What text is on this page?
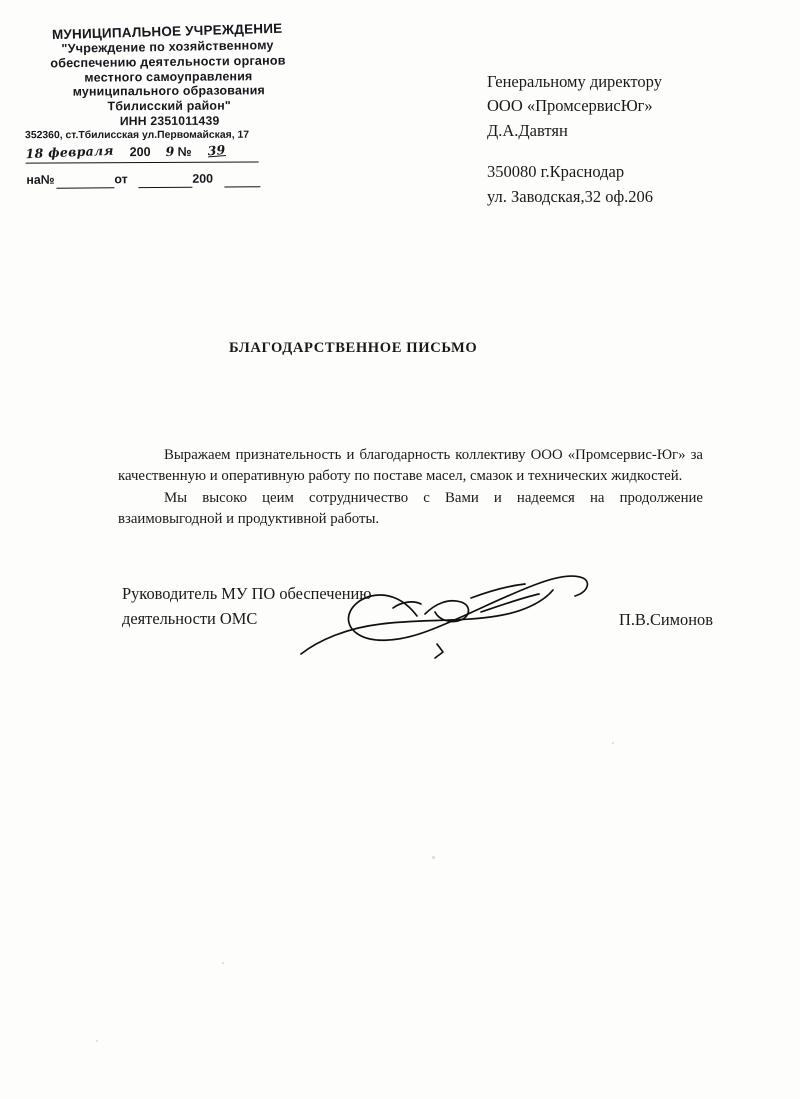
МУНИЦИПАЛЬНОЕ УЧРЕЖДЕНИЕ
"Учреждение по хозяйственному
обеспечению деятельности органов
местного самоуправления
муниципального образования
Тбилисский район"
ИНН 2351011439
352360, ст.Тбилисская ул.Первомайская, 17
18 февраля 200 9 № 39
на№	от	200
Генеральному директору
ООО «ПромсервисЮг»
Д.А.Давтян
350080 г.Краснодар
ул. Заводская,32 оф.206
БЛАГОДАРСТВЕННОЕ ПИСЬМО

Выражаем признательность и благодарность коллективу ООО «Промсервис-Юг» за качественную и оперативную работу по поставе масел, смазок и технических жидкостей.

Мы высоко цеим сотрудничество с Вами и надеемся на продолжение взаимовыгодной и продуктивной работы.

Руководитель МУ ПО обеспечению
деятельности ОМС	П.В.Симонов
